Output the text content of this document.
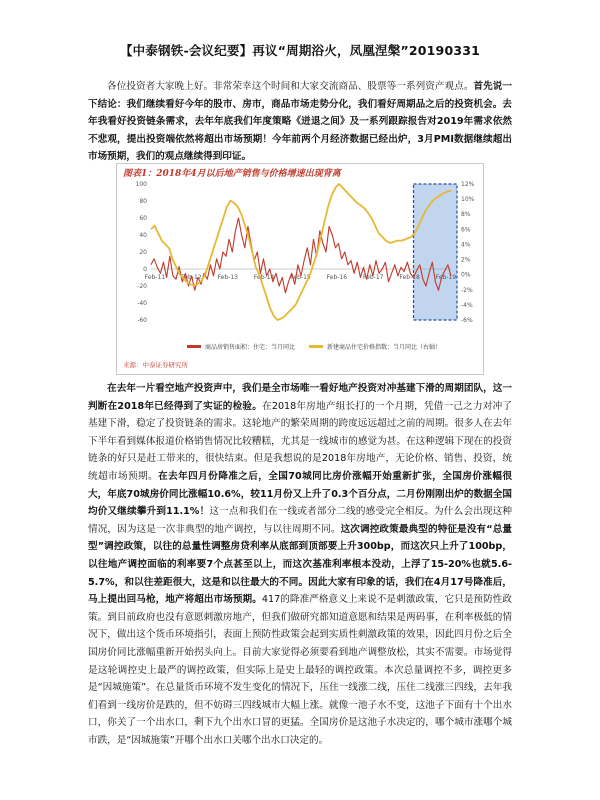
【中泰钢铁-会议纪要】再议“周期浴火，凤凰涅槃”20190331
各位投资者大家晚上好。非常荣幸这个时间和大家交流商品、股票等一系列资产观点。首先说一下结论：我们继续看好今年的股市、房市，商品市场走势分化，我们看好周期品之后的投资机会。去年我看好投资链条需求，去年年底我们年度策略《迸退之间》及一系列跟踪报告对2019年需求依然不悲观，提出投资端依然将超出市场预期！今年前两个月经济数据已经出炉，3月PMI数据继续超出市场预期，我们的观点继续得到印证。
图表1：2018年4月以后地产销售与价格增速出现背离
100
80
60
40
20
0
-20
-40
-60
12%
10%
8%
6%
4%
2%
0%
-2%
-4%
-6%
Feb-11	Feb-12	Feb-13	Feb-14	Feb-15	Feb-16	Feb-17	Feb-18	Feb-19
商品房销售面积：住宅：当月同比	新建商品住宅价格指数：当月同比（右轴）
来源：中泰证券研究所
在去年一片看空地产投资声中，我们是全市场唯一看好地产投资对冲基建下滑的周期团队，这一判断在2018年已经得到了实证的检验。在2018年房地产组长打的一个月期，凭借一己之力对冲了基建下滑，稳定了投资链条的需求。这轮地产的繁荣周期的跨度远远超过之前的周期。很多人在去年下半年看到媒体报道价格销售情况比较糟糕，尤其是一线城市的感觉为甚。在这种逻辑下现在的投资链条的好只是赶工带来的，很快结束。但是我想说的是2018年房地产，无论价格、销售、投资，统统超市场预期。在去年四月份降准之后，全国70城同比房价涨幅开始重新扩张，全国房价涨幅很大，年底70城房价同比涨幅10.6%，较11月份又上升了0.3个百分点，二月份刚刚出炉的数据全国均价又继续攀升到11.1%！这一点和我们在一线或者部分二线的感受完全相反。为什么会出现这种情况，因为这是一次非典型的地产调控，与以往周期不同。这次调控政策最典型的特征是没有“总量型”调控政策，以往的总量性调整房贷利率从底部到顶部要上升300bp，而这次只上升了100bp，以往地产调控面临的利率要7个点甚至以上，而这次基准利率根本没动，上浮了15-20%也就5.6-5.7%，和以往差距很大，这是和以往最大的不同。因此大家有印象的话，我们在4月17号降准后，马上提出回马枪，地产将超出市场预期。417的降准严格意义上来说不是刺激政策，它只是预防性政策。到目前政府也没有意愿刺激房地产，但我们做研究都知道意愿和结果是两码事，在利率极低的情况下，做出这个货币环境指引，表面上预防性政策会起到实质性刺激政策的效果，因此四月份之后全国房价同比涨幅重新开始拐头向上。目前大家觉得必须要看到地产调整放松，其实不需要。市场觉得是这轮调控史上最严的调控政策，但实际上是史上最轻的调控政策。本次总量调控不多，调控更多是“因城施策”。在总量货币环境不发生变化的情况下，压住一线涨二线，压住二线涨三四线，去年我们看到一线房价是跌的，但不妨碍三四线城市大幅上涨。就像一池子水不变，这池子下面有十个出水口，你关了一个出水口，剩下九个出水口冒的更猛。全国房价是这池子水决定的，哪个城市涨哪个城市跌，是“因城施策”开哪个出水口关哪个出水口决定的。
